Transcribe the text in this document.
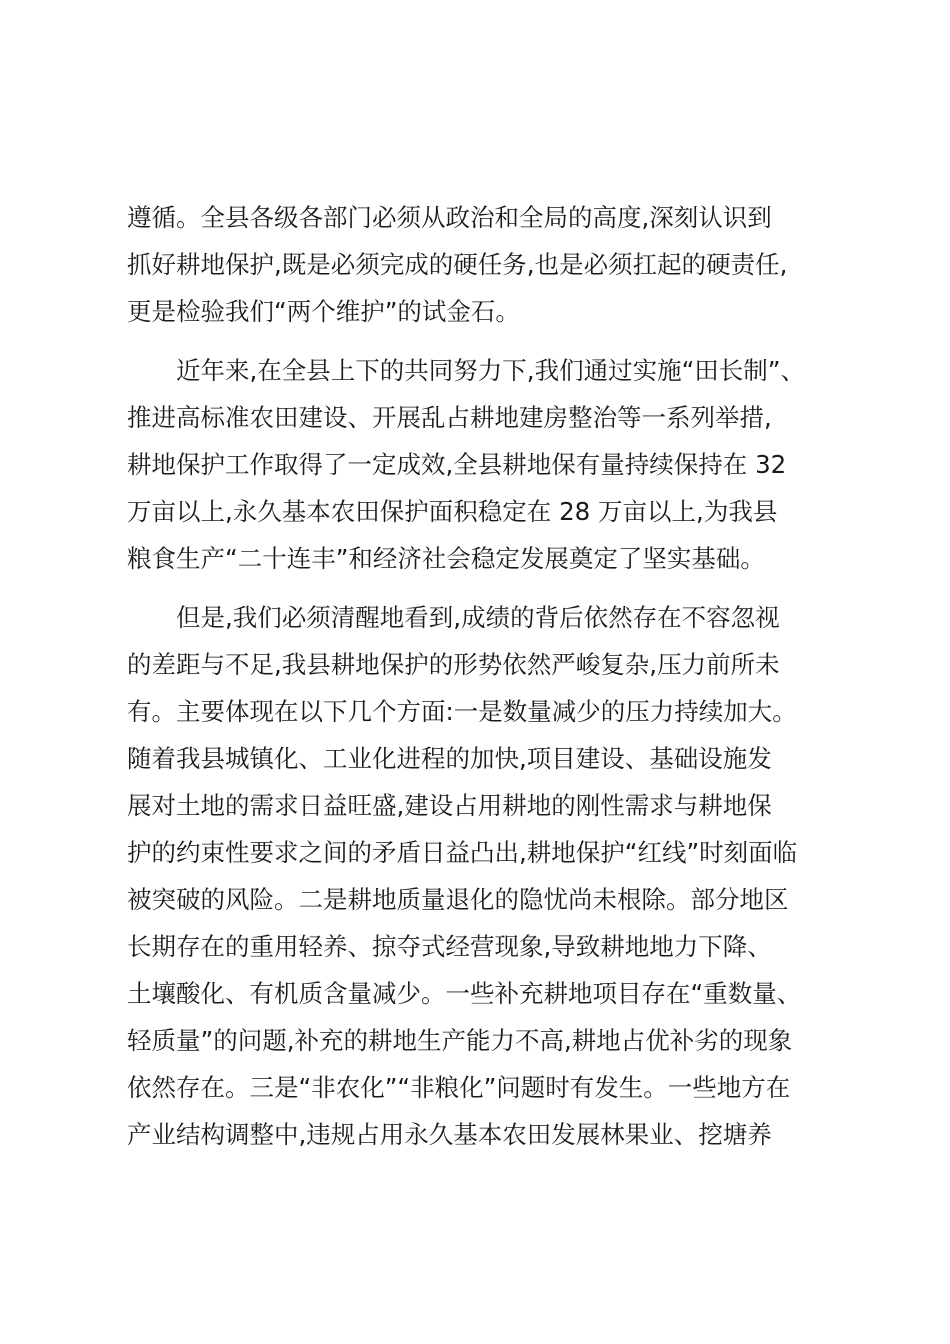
遵循。全县各级各部门必须从政治和全局的高度,深刻认识到
抓好耕地保护,既是必须完成的硬任务,也是必须扛起的硬责任,
更是检验我们“两个维护”的试金石。
近年来,在全县上下的共同努力下,我们通过实施“田长制”、
推进高标准农田建设、开展乱占耕地建房整治等一系列举措,
耕地保护工作取得了一定成效,全县耕地保有量持续保持在 32
万亩以上,永久基本农田保护面积稳定在 28 万亩以上,为我县
粮食生产“二十连丰”和经济社会稳定发展奠定了坚实基础。
但是,我们必须清醒地看到,成绩的背后依然存在不容忽视
的差距与不足,我县耕地保护的形势依然严峻复杂,压力前所未
有。主要体现在以下几个方面:一是数量减少的压力持续加大。
随着我县城镇化、工业化进程的加快,项目建设、基础设施发
展对土地的需求日益旺盛,建设占用耕地的刚性需求与耕地保
护的约束性要求之间的矛盾日益凸出,耕地保护“红线”时刻面临
被突破的风险。二是耕地质量退化的隐忧尚未根除。部分地区
长期存在的重用轻养、掠夺式经营现象,导致耕地地力下降、
土壤酸化、有机质含量减少。一些补充耕地项目存在“重数量、
轻质量”的问题,补充的耕地生产能力不高,耕地占优补劣的现象
依然存在。三是“非农化”“非粮化”问题时有发生。一些地方在
产业结构调整中,违规占用永久基本农田发展林果业、挖塘养
